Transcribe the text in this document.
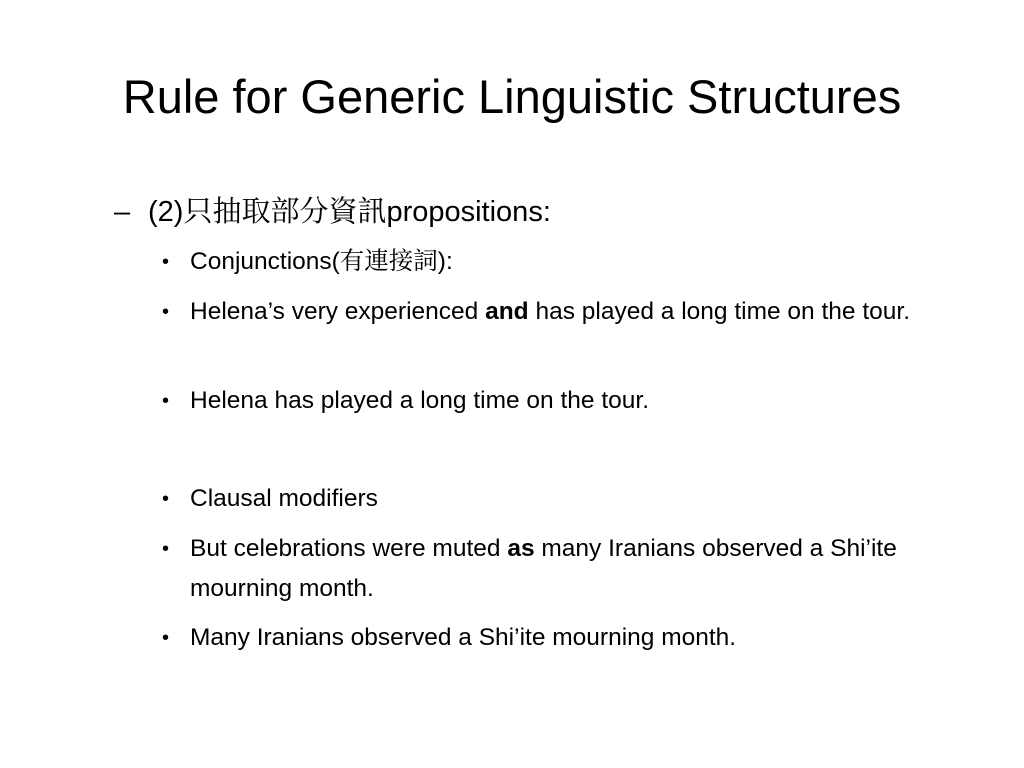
Rule for Generic Linguistic Structures
– (2)只抽取部分資訊propositions:
• Conjunctions(有連接詞):
• Helena’s very experienced and has played a long time on the tour.
• Helena has played a long time on the tour.
• Clausal modifiers
• But celebrations were muted as many Iranians observed a Shi’ite mourning month.
• Many Iranians observed a Shi’ite mourning month.
